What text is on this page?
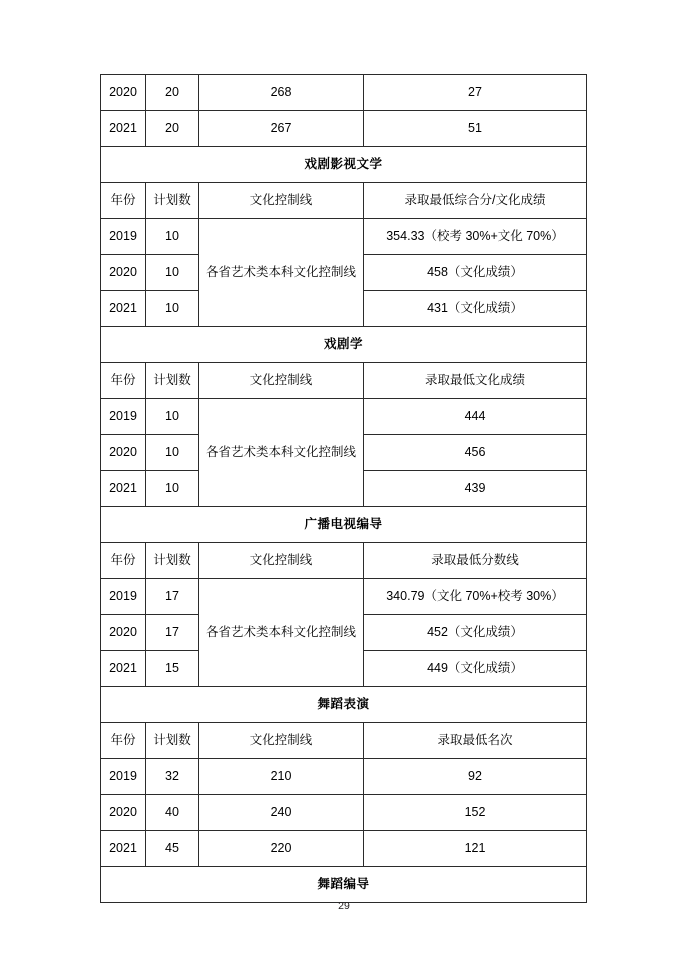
2020	20	268	27
2021	20	267	51
戏剧影视文学			
年份	计划数	文化控制线	录取最低综合分/文化成绩
2019	10	各省艺术类本科文化控制线	354.33（校考 30%+文化 70%）
2020	10		458（文化成绩）
2021	10		431（文化成绩）
戏剧学			
年份	计划数	文化控制线	录取最低文化成绩
2019	10	各省艺术类本科文化控制线	444
2020	10		456
2021	10		439
广播电视编导			
年份	计划数	文化控制线	录取最低分数线
2019	17	各省艺术类本科文化控制线	340.79（文化 70%+校考 30%）
2020	17		452（文化成绩）
2021	15		449（文化成绩）
舞蹈表演			
年份	计划数	文化控制线	录取最低名次
2019	32	210	92
2020	40	240	152
2021	45	220	121
舞蹈编导			
29
